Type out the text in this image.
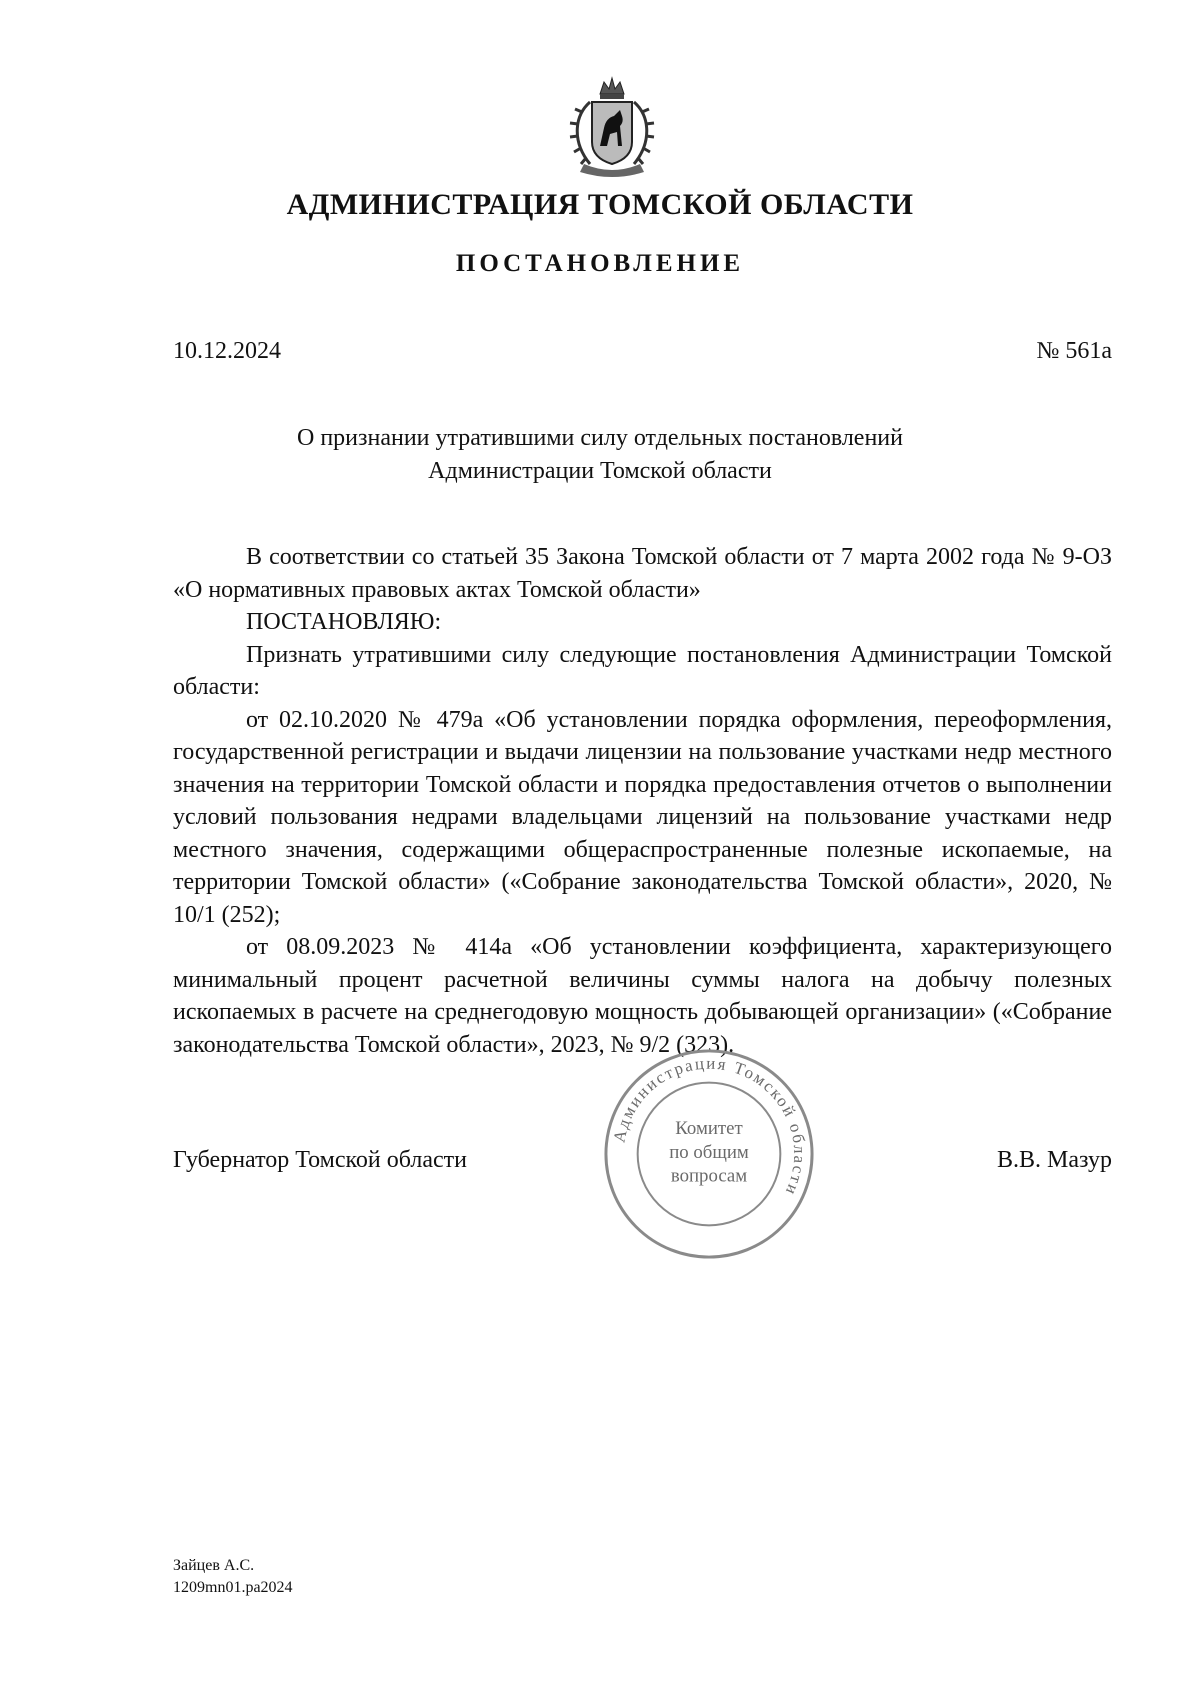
АДМИНИСТРАЦИЯ ТОМСКОЙ ОБЛАСТИ
ПОСТАНОВЛЕНИЕ
10.12.2024	№ 561а
О признании утратившими силу отдельных постановлений
Администрации Томской области

В соответствии со статьей 35 Закона Томской области от 7 марта 2002 года № 9-ОЗ «О нормативных правовых актах Томской области»

ПОСТАНОВЛЯЮ:

Признать утратившими силу следующие постановления Администрации Томской области:

от 02.10.2020 № 479а «Об установлении порядка оформления, переоформления, государственной регистрации и выдачи лицензии на пользование участками недр местного значения на территории Томской области и порядка предоставления отчетов о выполнении условий пользования недрами владельцами лицензий на пользование участками недр местного значения, содержащими общераспространенные полезные ископаемые, на территории Томской области» («Собрание законодательства Томской области», 2020, № 10/1 (252);

от 08.09.2023 № 414а «Об установлении коэффициента, характеризующего минимальный процент расчетной величины суммы налога на добычу полезных ископаемых в расчете на среднегодовую мощность добывающей организации» («Собрание законодательства Томской области», 2023, № 9/2 (323).

Губернатор Томской области	В.В. Мазур
Администрация Томской области
Комитет
по общим
вопросам
Зайцев А.С.
1209mn01.pa2024
